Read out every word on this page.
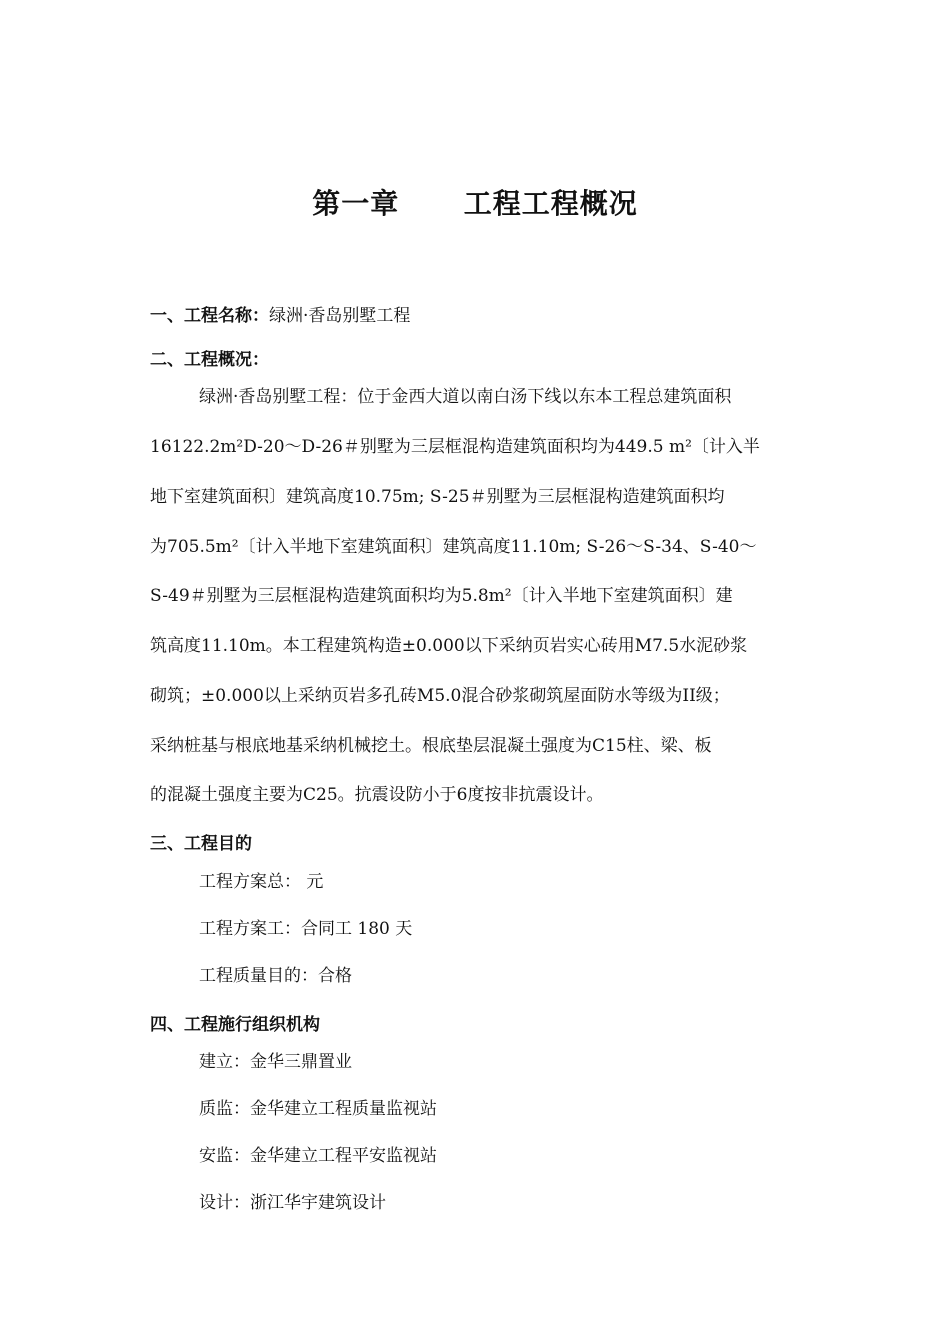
第一章      工程工程概况
一、工程名称：绿洲·香岛别墅工程
二、工程概况：
绿洲·香岛别墅工程：位于金西大道以南白汤下线以东本工程总建筑面积
16122.2m²D-20～D-26＃别墅为三层框混构造建筑面积均为449.5 m²〔计入半
地下室建筑面积〕建筑高度10.75m; S-25＃别墅为三层框混构造建筑面积均
为705.5m²〔计入半地下室建筑面积〕建筑高度11.10m; S-26～S-34、S-40～
S-49＃别墅为三层框混构造建筑面积均为5.8m²〔计入半地下室建筑面积〕建
筑高度11.10m。本工程建筑构造±0.000以下采纳页岩实心砖用M7.5水泥砂浆
砌筑；±0.000以上采纳页岩多孔砖M5.0混合砂浆砌筑屋面防水等级为II级；
采纳桩基与根底地基采纳机械挖土。根底垫层混凝土强度为C15柱、梁、板
的混凝土强度主要为C25。抗震设防小于6度按非抗震设计。
三、工程目的
工程方案总： 元
工程方案工：合同工 180 天
工程质量目的：合格
四、工程施行组织机构
建立：金华三鼎置业
质监：金华建立工程质量监视站
安监：金华建立工程平安监视站
设计：浙江华宇建筑设计
